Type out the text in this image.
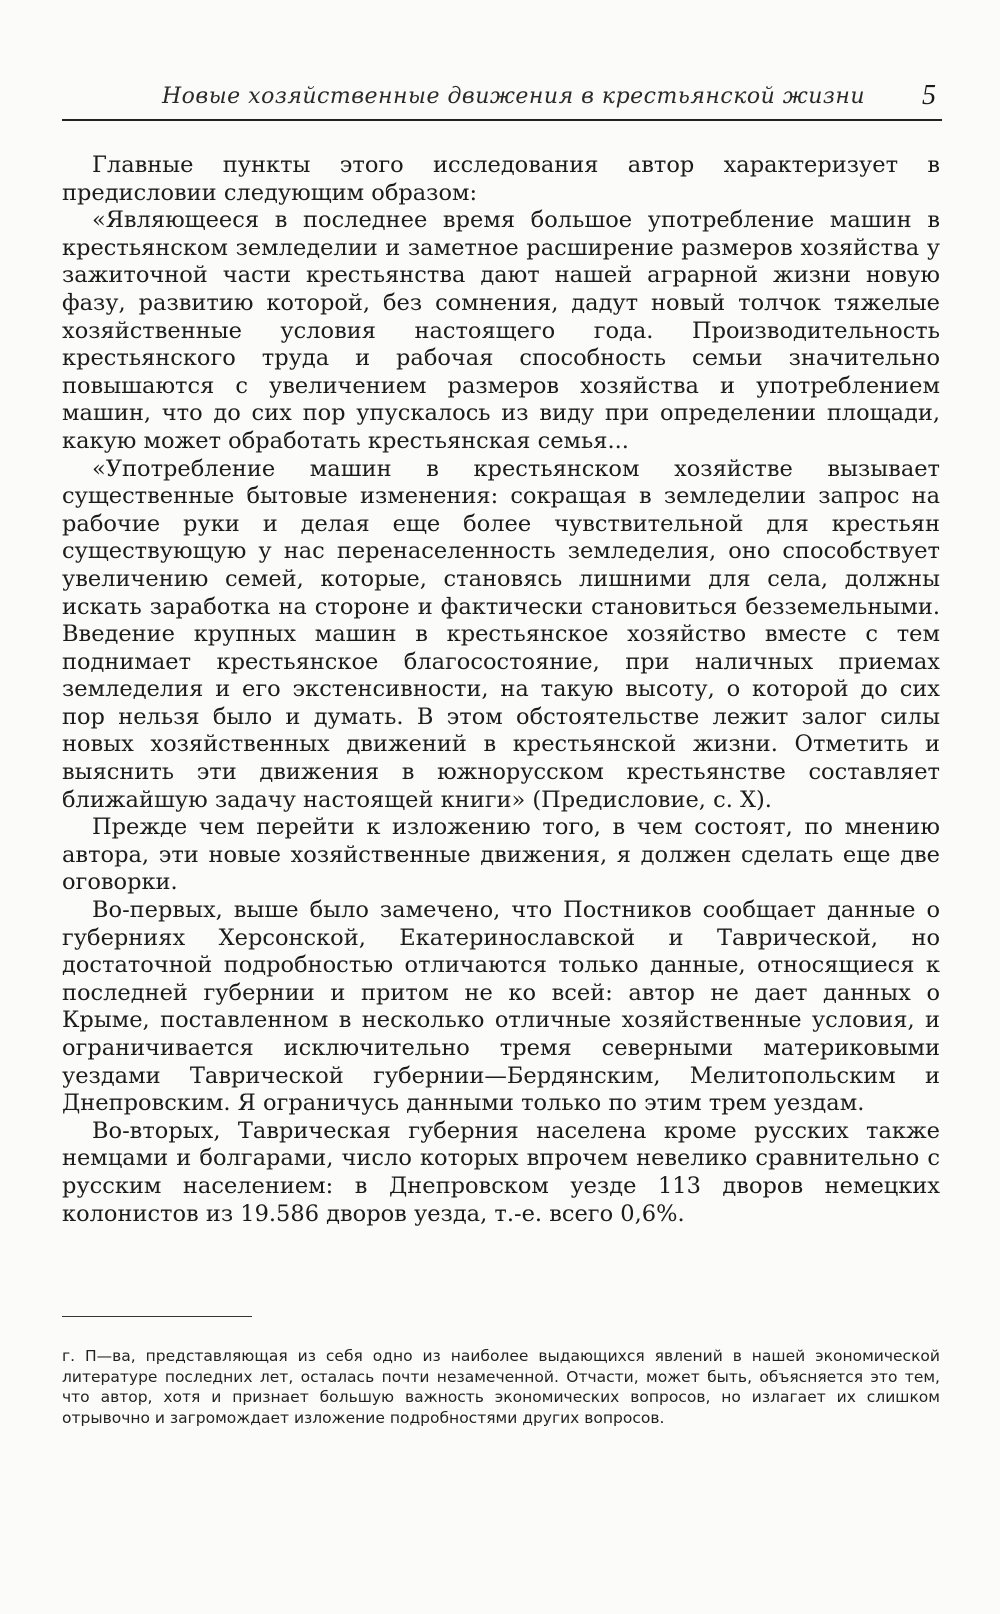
Новые хозяйственные движения в крестьянской жизни 5

Главные пункты этого исследования автор характеризует в предисловии следующим образом:

«Являющееся в последнее время большое употребление машин в крестьянском земледелии и заметное расширение размеров хозяйства у зажиточной части крестьянства дают нашей аграрной жизни новую фазу, развитию которой, без сомнения, дадут новый толчок тяжелые хозяйственные условия настоящего года. Производительность крестьянского труда и рабочая способность семьи значительно повышаются с увеличением размеров хозяйства и употреблением машин, что до сих пор упускалось из виду при определении площади, какую может обработать крестьянская семья...

«Употребление машин в крестьянском хозяйстве вызывает существенные бытовые изменения: сокращая в земледелии запрос на рабочие руки и делая еще более чувствительной для крестьян существующую у нас перенаселенность земледелия, оно способствует увеличению семей, которые, становясь лишними для села, должны искать заработка на стороне и фактически становиться безземельными. Введение крупных машин в крестьянское хозяйство вместе с тем поднимает крестьянское благосостояние, при наличных приемах земледелия и его экстенсивности, на такую высоту, о которой до сих пор нельзя было и думать. В этом обстоятельстве лежит залог силы новых хозяйственных движений в крестьянской жизни. Отметить и выяснить эти движения в южнорусском крестьянстве составляет ближайшую задачу настоящей книги» (Предисловие, с. X).

Прежде чем перейти к изложению того, в чем состоят, по мнению автора, эти новые хозяйственные движения, я должен сделать еще две оговорки.

Во-первых, выше было замечено, что Постников сообщает данные о губерниях Херсонской, Екатеринославской и Таврической, но достаточной подробностью отличаются только данные, относящиеся к последней губернии и притом не ко всей: автор не дает данных о Крыме, поставленном в несколько отличные хозяйственные условия, и ограничивается исключительно тремя северными материковыми уездами Таврической губернии—Бердянским, Мелитопольским и Днепровским. Я ограничусь данными только по этим трем уездам.

Во-вторых, Таврическая губерния населена кроме русских также немцами и болгарами, число которых впрочем невелико сравнительно с русским населением: в Днепровском уезде 113 дворов немецких колонистов из 19.586 дворов уезда, т.-е. всего 0,6%.

г. П—ва, представляющая из себя одно из наиболее выдающихся явлений в нашей экономической литературе последних лет, осталась почти незамеченной. Отчасти, может быть, объясняется это тем, что автор, хотя и признает большую важность экономических вопросов, но излагает их слишком отрывочно и загромождает изложение подробностями других вопросов.
